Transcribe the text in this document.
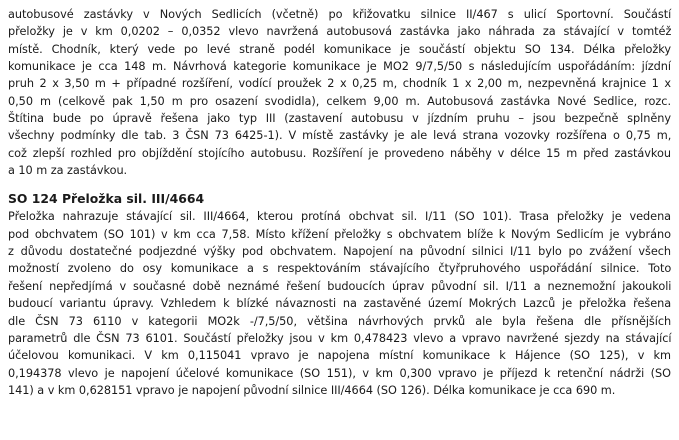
autobusové zastávky v Nových Sedlicích (včetně) po křižovatku silnice II/467 s ulicí Sportovní. Součástí
přeložky je v km 0,0202 – 0,0352 vlevo navržená autobusová zastávka jako náhrada za stávající v tomtéž
místě. Chodník, který vede po levé straně podél komunikace je součástí objektu SO 134. Délka přeložky
komunikace je cca 148 m. Návrhová kategorie komunikace je MO2 9/7,5/50 s následujícím uspořádáním: jízdní
pruh 2 x 3,50 m + případné rozšíření, vodící proužek 2 x 0,25 m, chodník 1 x 2,00 m, nezpevněná krajnice 1 x
0,50 m (celkově pak 1,50 m pro osazení svodidla), celkem 9,00 m. Autobusová zastávka Nové Sedlice, rozc.
Štítina bude po úpravě řešena jako typ III (zastavení autobusu v jízdním pruhu – jsou bezpečně splněny
všechny podmínky dle tab. 3 ČSN 73 6425-1). V místě zastávky je ale levá strana vozovky rozšířena o 0,75 m,
což zlepší rozhled pro objíždění stojícího autobusu. Rozšíření je provedeno náběhy v délce 15 m před zastávkou
a 10 m za zastávkou.

SO 124 Přeložka sil. III/4664

Přeložka nahrazuje stávající sil. III/4664, kterou protíná obchvat sil. I/11 (SO 101). Trasa přeložky je vedena
pod obchvatem (SO 101) v km cca 7,58. Místo křížení přeložky s obchvatem blíže k Novým Sedlicím je vybráno
z důvodu dostatečné podjezdné výšky pod obchvatem. Napojení na původní silnici I/11 bylo po zvážení všech
možností zvoleno do osy komunikace a s respektováním stávajícího čtyřpruhového uspořádání silnice. Toto
řešení nepředjímá v současné době neznámé řešení budoucích úprav původní sil. I/11 a neznemožní jakoukoli
budoucí variantu úpravy. Vzhledem k blízké návaznosti na zastavěné území Mokrých Lazců je přeložka řešena
dle ČSN 73 6110 v kategorii MO2k -/7,5/50, většina návrhových prvků ale byla řešena dle přísnějších
parametrů dle ČSN 73 6101. Součástí přeložky jsou v km 0,478423 vlevo a vpravo navržené sjezdy na stávající
účelovou komunikaci. V km 0,115041 vpravo je napojena místní komunikace k Hájence (SO 125), v km
0,194378 vlevo je napojení účelové komunikace (SO 151), v km 0,300 vpravo je příjezd k retenční nádrži (SO
141) a v km 0,628151 vpravo je napojení původní silnice III/4664 (SO 126). Délka komunikace je cca 690 m.
